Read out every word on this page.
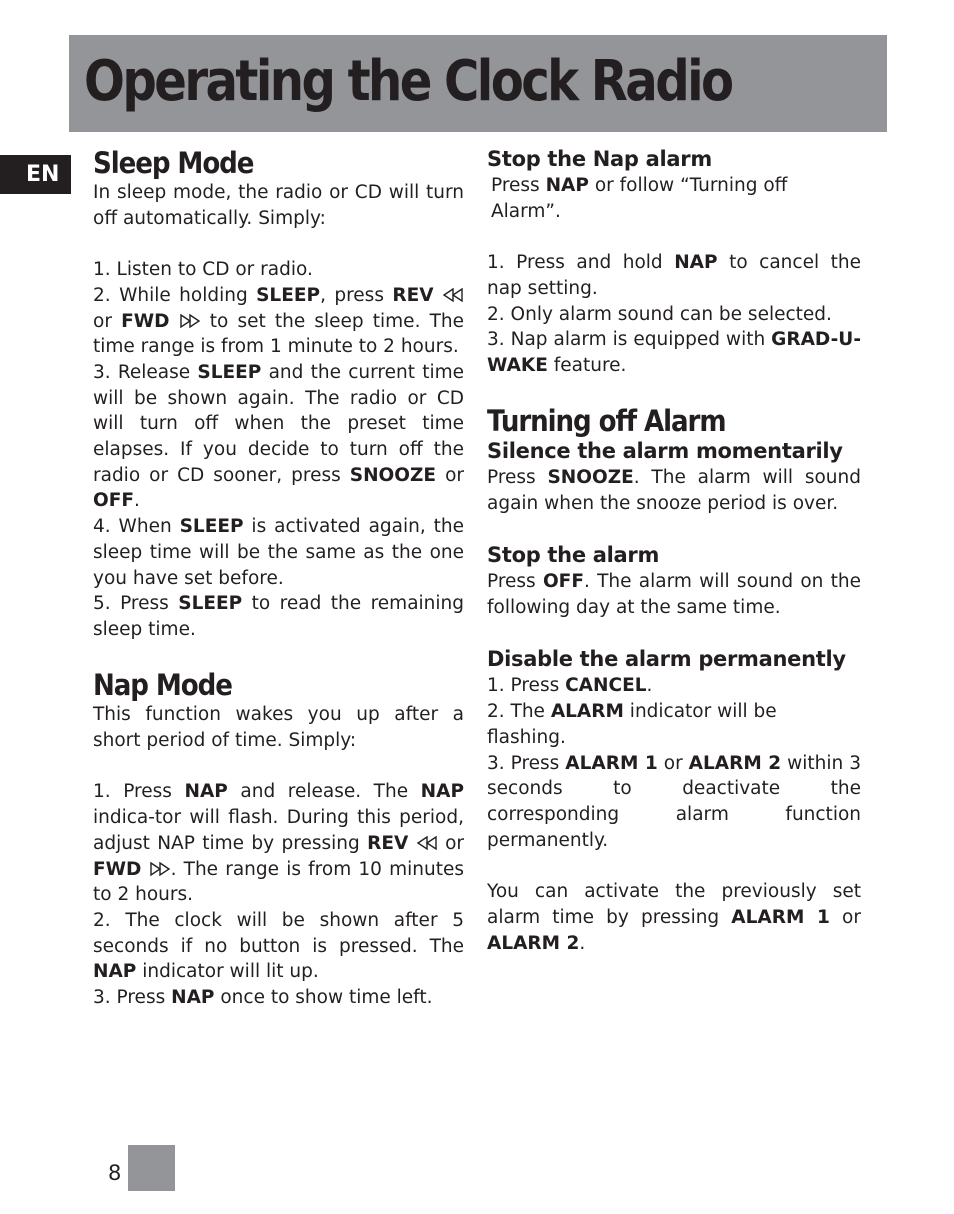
Operating the Clock Radio
EN	Sleep Mode

In sleep mode, the radio or CD will turn off automatically. Simply:

1. Listen to CD or radio.

2. While holding SLEEP, press REV
or FWD
to set the sleep time. The time range is from 1 minute to 2 hours.

3. Release SLEEP and the current time will be shown again. The radio or CD will turn off when the preset time elapses. If you decide to turn off the radio or CD sooner, press SNOOZE or OFF.

4. When SLEEP is activated again, the sleep time will be the same as the one you have set before.

5. Press SLEEP to read the remaining sleep time.

Nap Mode

This function wakes you up after a short period of time. Simply:

1. Press NAP and release. The NAP indica-tor will flash. During this period, adjust NAP time by pressing REV
or FWD . The range is from 10 minutes to 2 hours.

2. The clock will be shown after 5 seconds if no button is pressed. The NAP indicator will lit up.

3. Press NAP once to show time left.

Stop the Nap alarm

Press NAP or follow “Turning off Alarm”.

1. Press and hold NAP to cancel the nap setting.

2. Only alarm sound can be selected.

3. Nap alarm is equipped with GRAD-U-WAKE feature.

Turning off Alarm
Silence the alarm momentarily

Press SNOOZE. The alarm will sound again when the snooze period is over.

Stop the alarm

Press OFF. The alarm will sound on the following day at the same time.

Disable the alarm permanently

1. Press CANCEL.

2. The ALARM indicator will be flashing.

3. Press ALARM 1 or ALARM 2 within 3 seconds to deactivate the corresponding alarm function permanently.

You can activate the previously set alarm time by pressing ALARM 1 or ALARM 2.

8
